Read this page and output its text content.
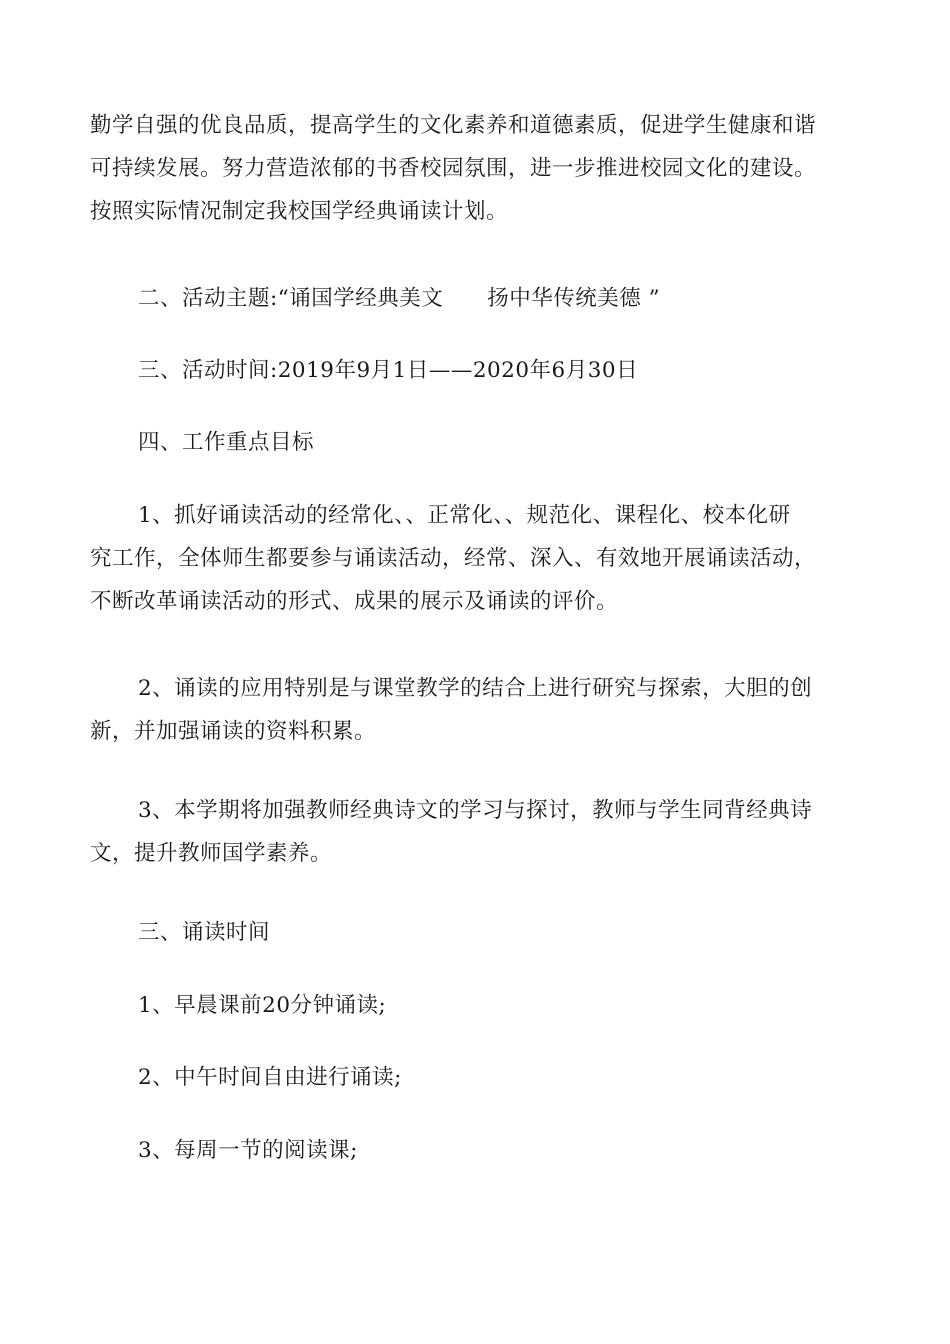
勤学自强的优良品质，提高学生的文化素养和道德素质，促进学生健康和谐
可持续发展。努力营造浓郁的书香校园氛围，进一步推进校园文化的建设。
按照实际情况制定我校国学经典诵读计划。
二、活动主题:“诵国学经典美文　　扬中华传统美德 ”
三、活动时间:2019年9月1日——2020年6月30日
四、工作重点目标
1、抓好诵读活动的经常化、、正常化、、规范化、课程化、校本化研
究工作，全体师生都要参与诵读活动，经常、深入、有效地开展诵读活动，
不断改革诵读活动的形式、成果的展示及诵读的评价。
2、诵读的应用特别是与课堂教学的结合上进行研究与探索，大胆的创
新，并加强诵读的资料积累。
3、本学期将加强教师经典诗文的学习与探讨，教师与学生同背经典诗
文，提升教师国学素养。
三、诵读时间
1、早晨课前20分钟诵读;
2、中午时间自由进行诵读;
3、每周一节的阅读课;
